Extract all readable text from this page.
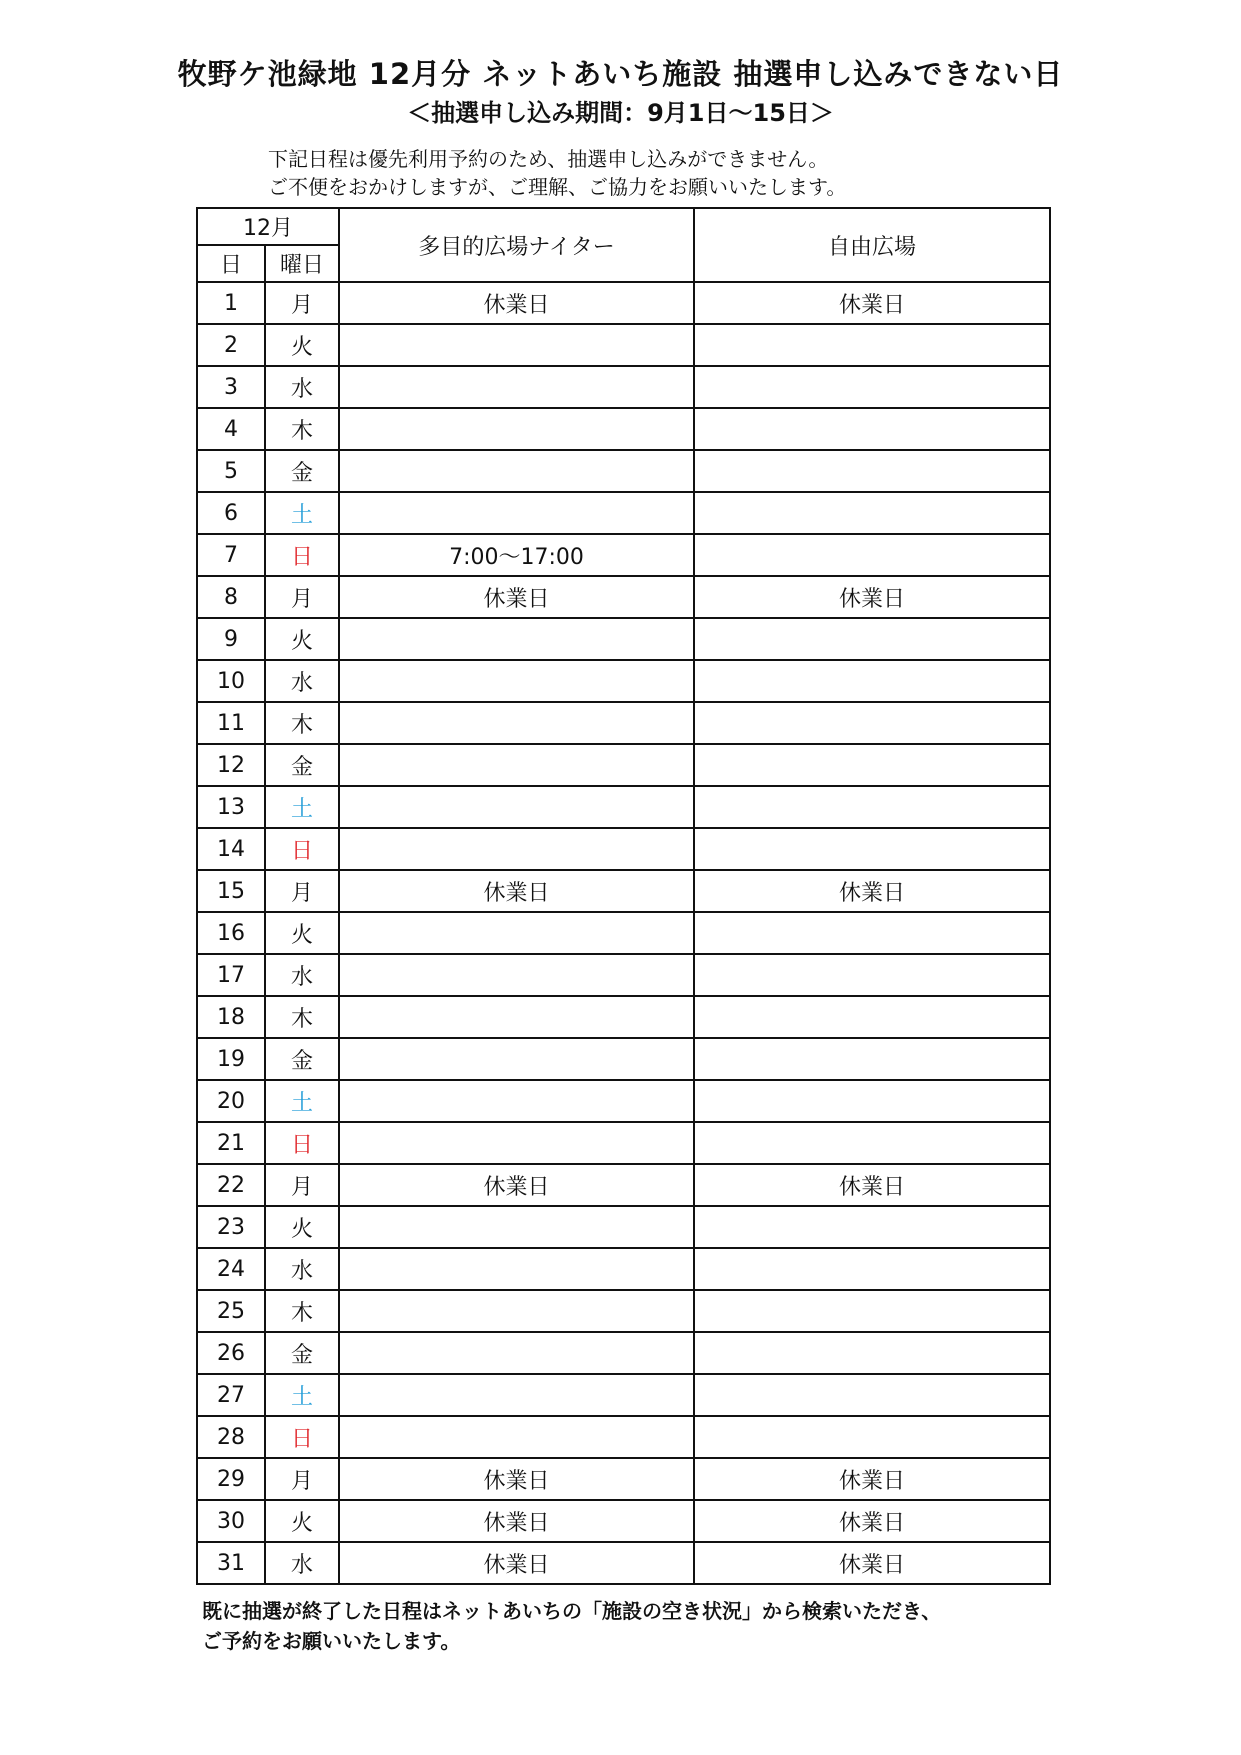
牧野ケ池緑地 12月分 ネットあいち施設 抽選申し込みできない日
＜抽選申し込み期間：9月1日～15日＞
下記日程は優先利用予約のため、抽選申し込みができません。
ご不便をおかけしますが、ご理解、ご協力をお願いいたします。
12月		多目的広場ナイター	自由広場
日	曜日		
1	月	休業日	休業日
2	火		
3	水		
4	木		
5	金		
6	土		
7	日	7:00～17:00	
8	月	休業日	休業日
9	火		
10	水		
11	木		
12	金		
13	土		
14	日		
15	月	休業日	休業日
16	火		
17	水		
18	木		
19	金		
20	土		
21	日		
22	月	休業日	休業日
23	火		
24	水		
25	木		
26	金		
27	土		
28	日		
29	月	休業日	休業日
30	火	休業日	休業日
31	水	休業日	休業日
既に抽選が終了した日程はネットあいちの「施設の空き状況」から検索いただき、
ご予約をお願いいたします。
